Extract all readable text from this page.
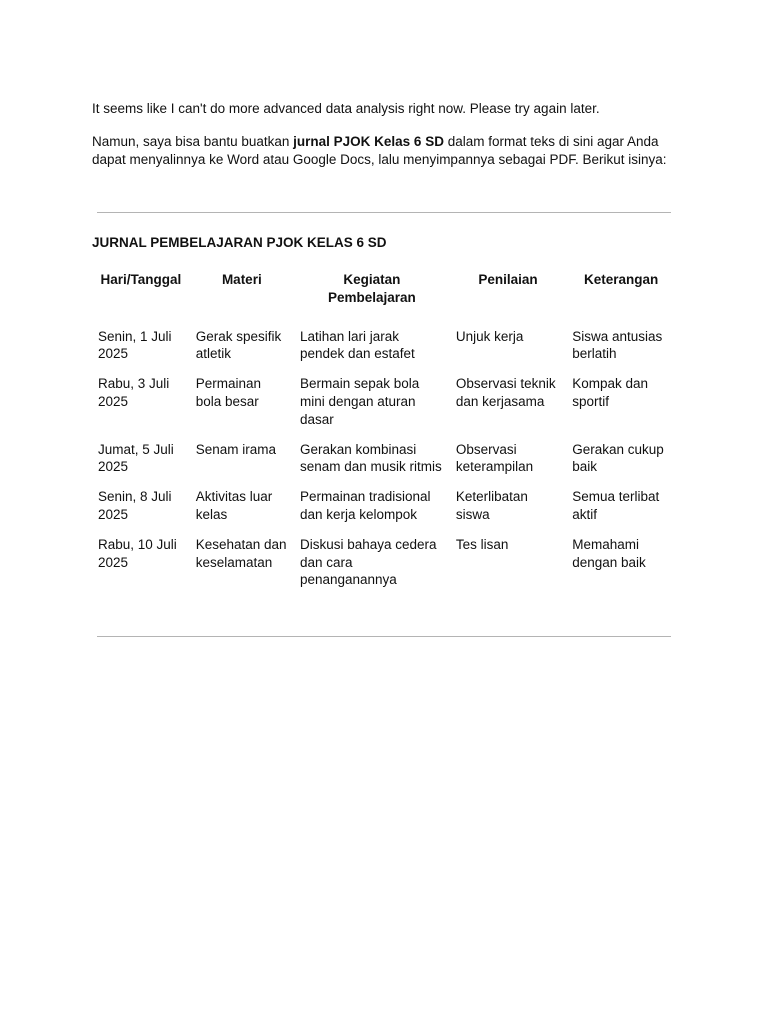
It seems like I can't do more advanced data analysis right now. Please try again later.

Namun, saya bisa bantu buatkan jurnal PJOK Kelas 6 SD dalam format teks di sini agar Anda dapat menyalinnya ke Word atau Google Docs, lalu menyimpannya sebagai PDF. Berikut isinya:

JURNAL PEMBELAJARAN PJOK KELAS 6 SD

Hari/Tanggal	Materi	Kegiatan Pembelajaran	Penilaian	Keterangan
Senin, 1 Juli 2025	Gerak spesifik atletik	Latihan lari jarak pendek dan estafet	Unjuk kerja	Siswa antusias berlatih
Rabu, 3 Juli 2025	Permainan bola besar	Bermain sepak bola mini dengan aturan dasar	Observasi teknik dan kerjasama	Kompak dan sportif
Jumat, 5 Juli 2025	Senam irama	Gerakan kombinasi senam dan musik ritmis	Observasi keterampilan	Gerakan cukup baik
Senin, 8 Juli 2025	Aktivitas luar kelas	Permainan tradisional dan kerja kelompok	Keterlibatan siswa	Semua terlibat aktif
Rabu, 10 Juli 2025	Kesehatan dan keselamatan	Diskusi bahaya cedera dan cara penanganannya	Tes lisan	Memahami dengan baik
